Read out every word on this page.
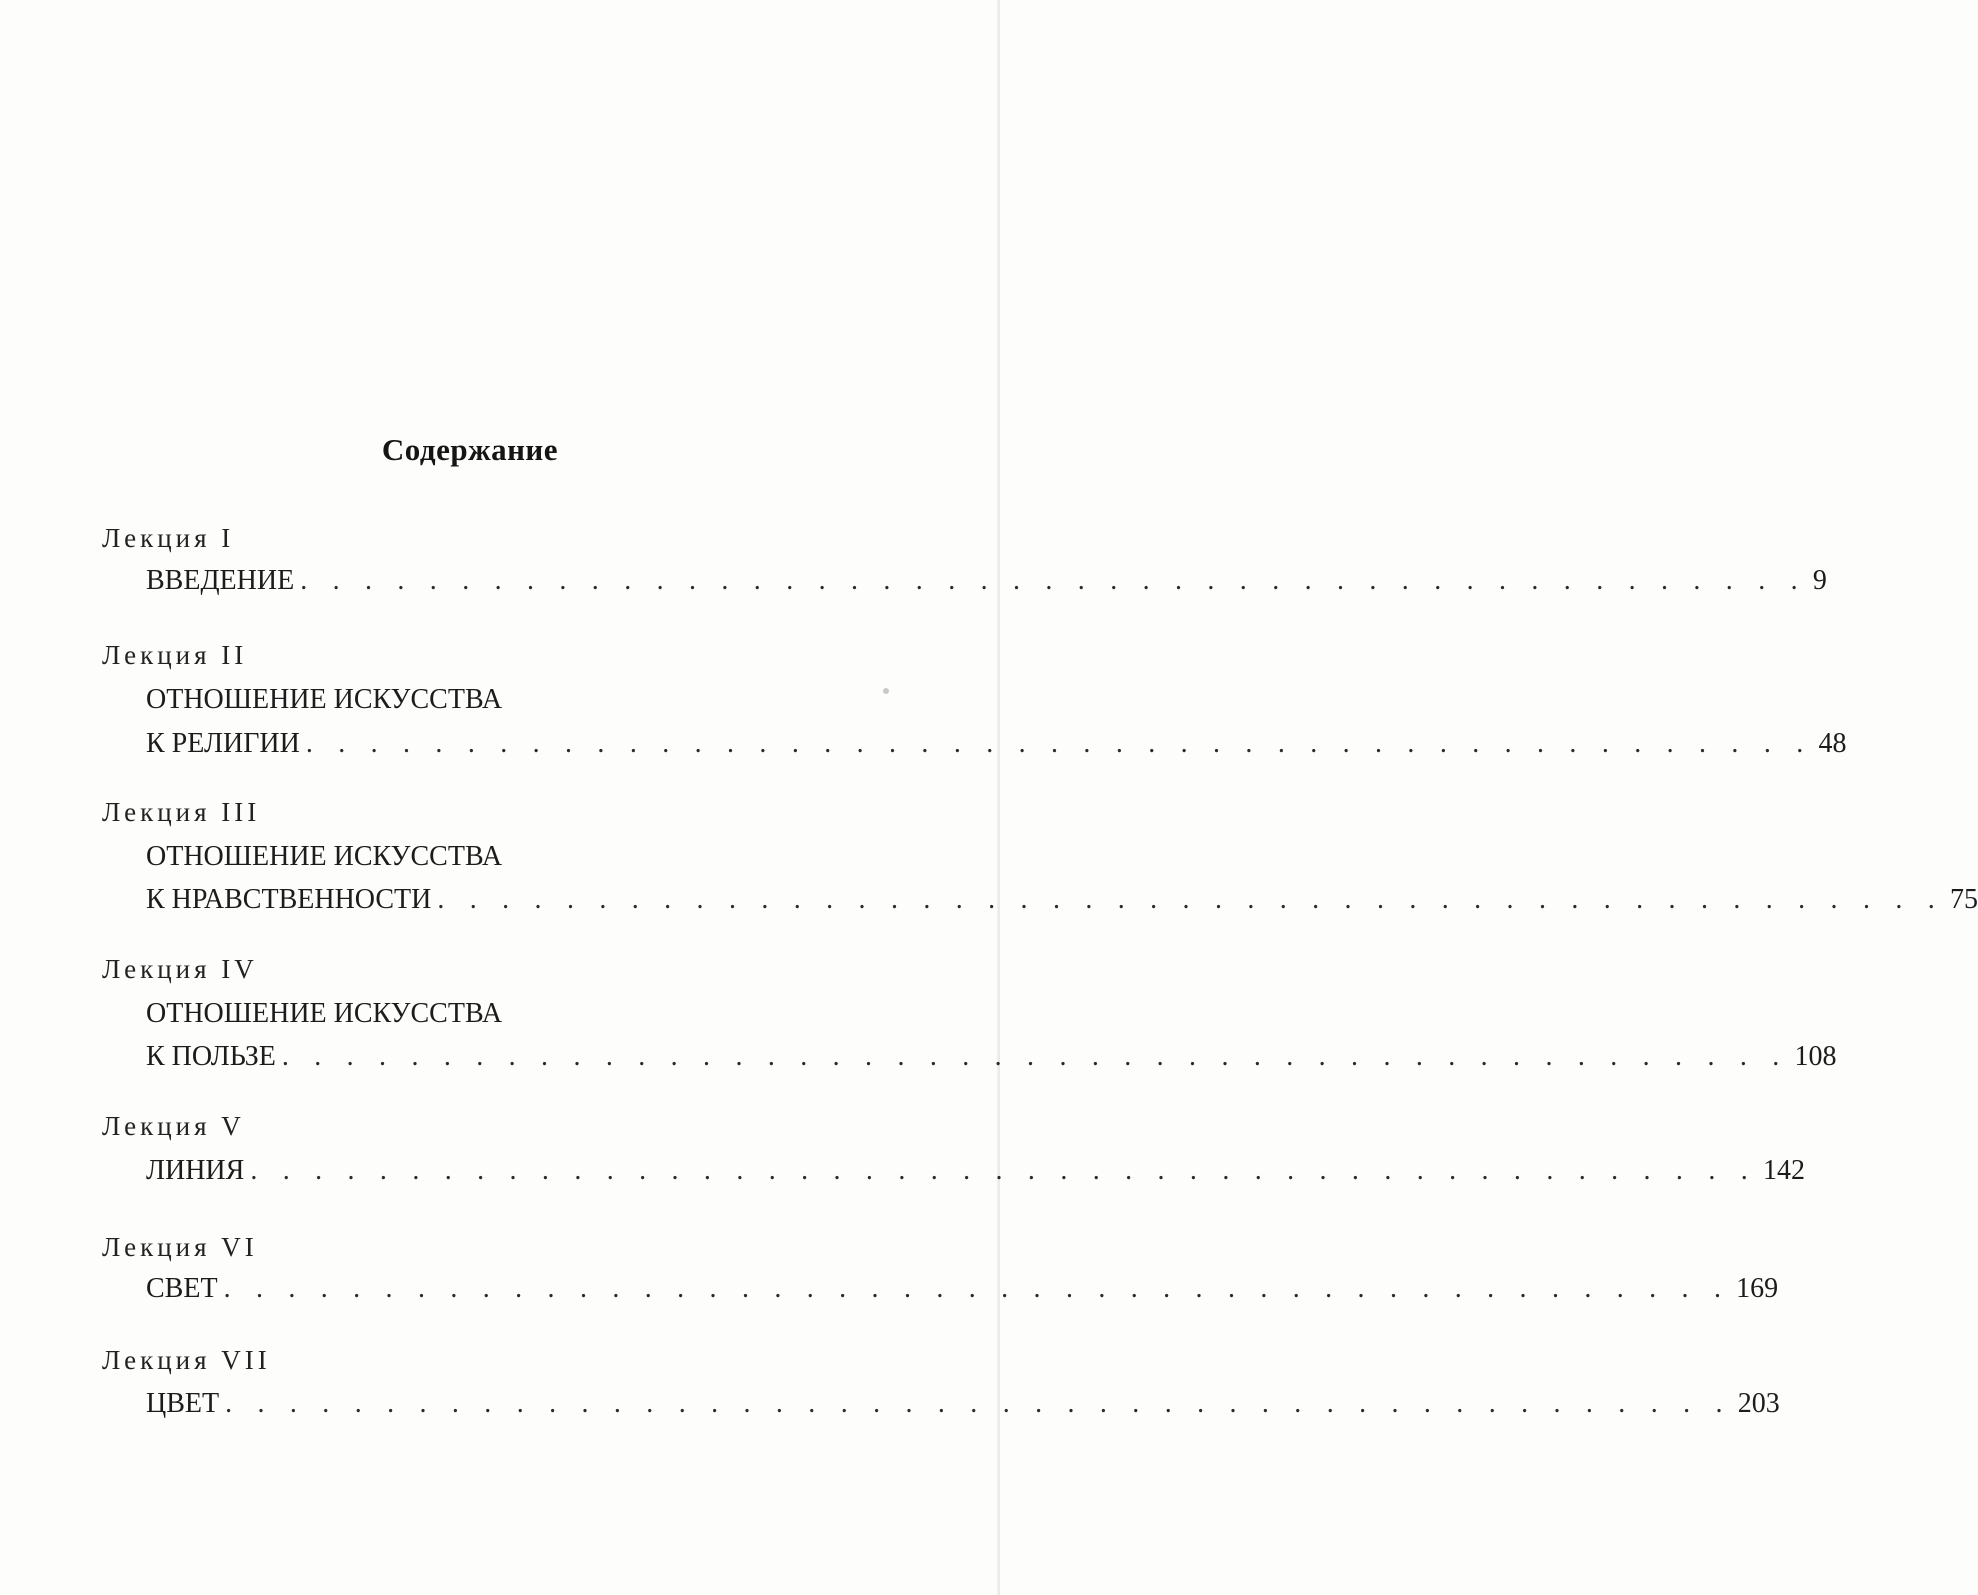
Содержание
Лекция I
ВВЕДЕНИЕ . . . . . . . . . . . . . . . . . . . . . . . . . . . . . . . . . . . . . . . . . . . . . . . 9
Лекция II
ОТНОШЕНИЕ ИСКУССТВА
К РЕЛИГИИ . . . . . . . . . . . . . . . . . . . . . . . . . . . . . . . . . . . . . . . . . . . . . . . 48
Лекция III
ОТНОШЕНИЕ ИСКУССТВА
К НРАВСТВЕННОСТИ . . . . . . . . . . . . . . . . . . . . . . . . . . . . . . . . . . . . . . . . . . . . . . . 75
Лекция IV
ОТНОШЕНИЕ ИСКУССТВА
К ПОЛЬЗЕ . . . . . . . . . . . . . . . . . . . . . . . . . . . . . . . . . . . . . . . . . . . . . . . 108
Лекция V
ЛИНИЯ . . . . . . . . . . . . . . . . . . . . . . . . . . . . . . . . . . . . . . . . . . . . . . . 142
Лекция VI
СВЕТ . . . . . . . . . . . . . . . . . . . . . . . . . . . . . . . . . . . . . . . . . . . . . . . 169
Лекция VII
ЦВЕТ . . . . . . . . . . . . . . . . . . . . . . . . . . . . . . . . . . . . . . . . . . . . . . . 203
